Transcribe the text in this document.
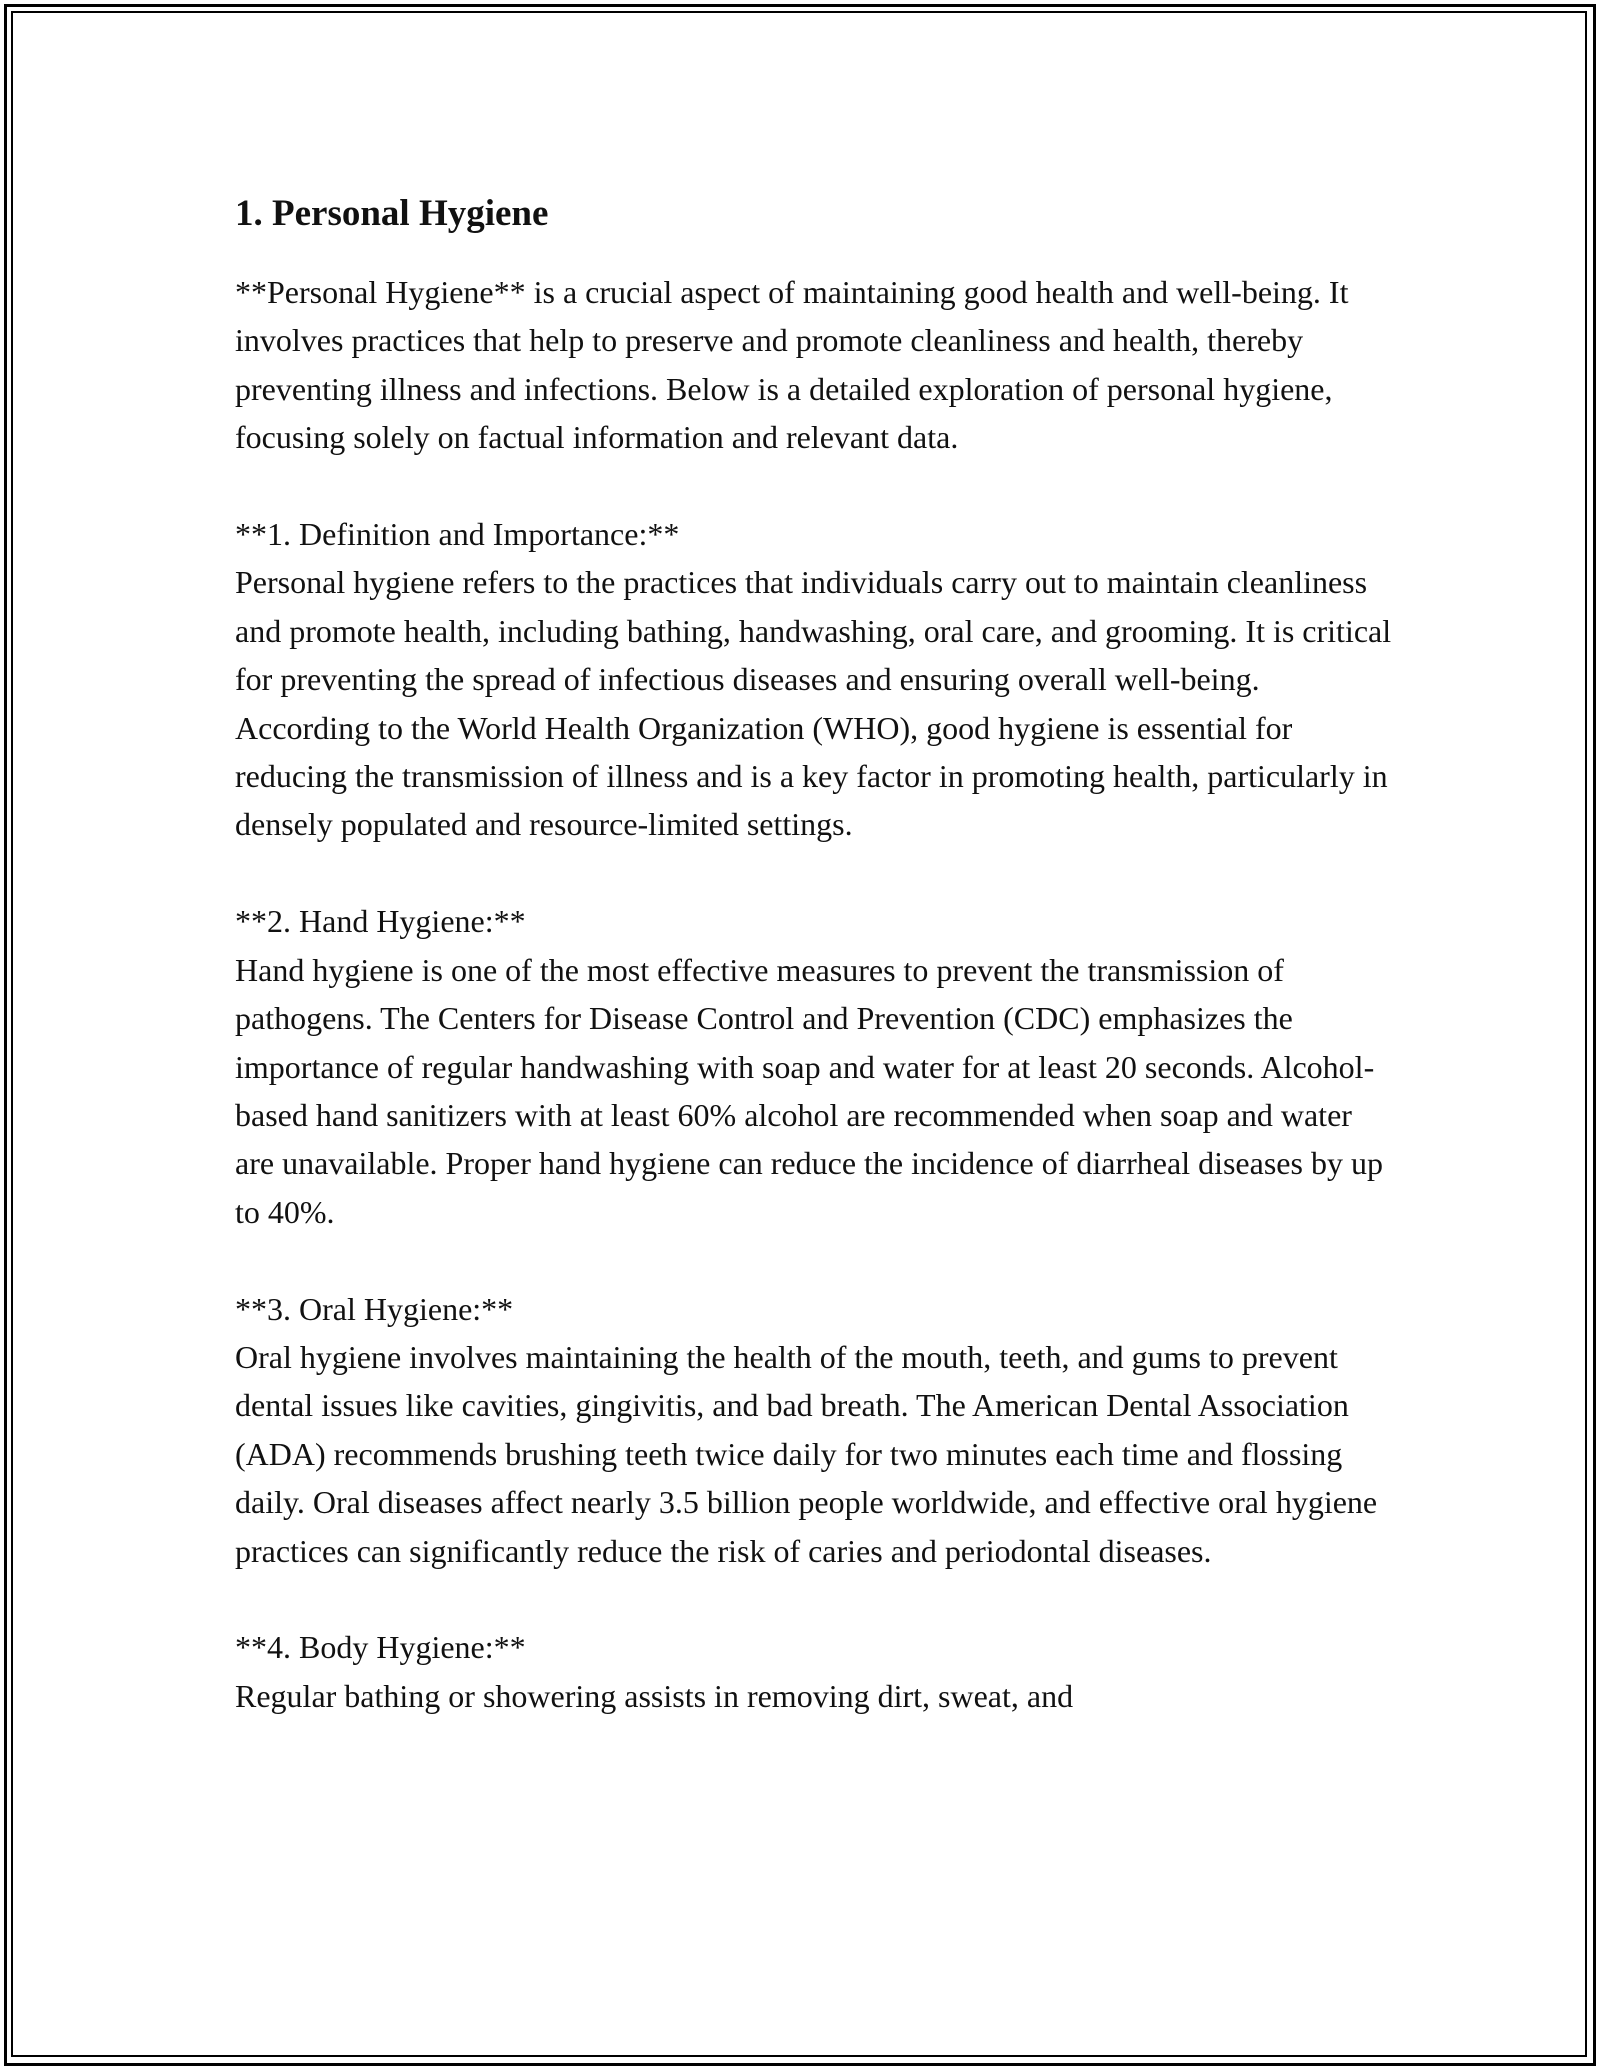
1. Personal Hygiene

**Personal Hygiene** is a crucial aspect of maintaining good health and well-being. It involves practices that help to preserve and promote cleanliness and health, thereby preventing illness and infections. Below is a detailed exploration of personal hygiene, focusing solely on factual information and relevant data.

**1. Definition and Importance:**

Personal hygiene refers to the practices that individuals carry out to maintain cleanliness and promote health, including bathing, handwashing, oral care, and grooming. It is critical for preventing the spread of infectious diseases and ensuring overall well-being. According to the World Health Organization (WHO), good hygiene is essential for reducing the transmission of illness and is a key factor in promoting health, particularly in densely populated and resource-limited settings.

**2. Hand Hygiene:**

Hand hygiene is one of the most effective measures to prevent the transmission of pathogens. The Centers for Disease Control and Prevention (CDC) emphasizes the importance of regular handwashing with soap and water for at least 20 seconds. Alcohol-based hand sanitizers with at least 60% alcohol are recommended when soap and water are unavailable. Proper hand hygiene can reduce the incidence of diarrheal diseases by up to 40%.

**3. Oral Hygiene:**

Oral hygiene involves maintaining the health of the mouth, teeth, and gums to prevent dental issues like cavities, gingivitis, and bad breath. The American Dental Association (ADA) recommends brushing teeth twice daily for two minutes each time and flossing daily. Oral diseases affect nearly 3.5 billion people worldwide, and effective oral hygiene practices can significantly reduce the risk of caries and periodontal diseases.

**4. Body Hygiene:**

Regular bathing or showering assists in removing dirt, sweat, and
